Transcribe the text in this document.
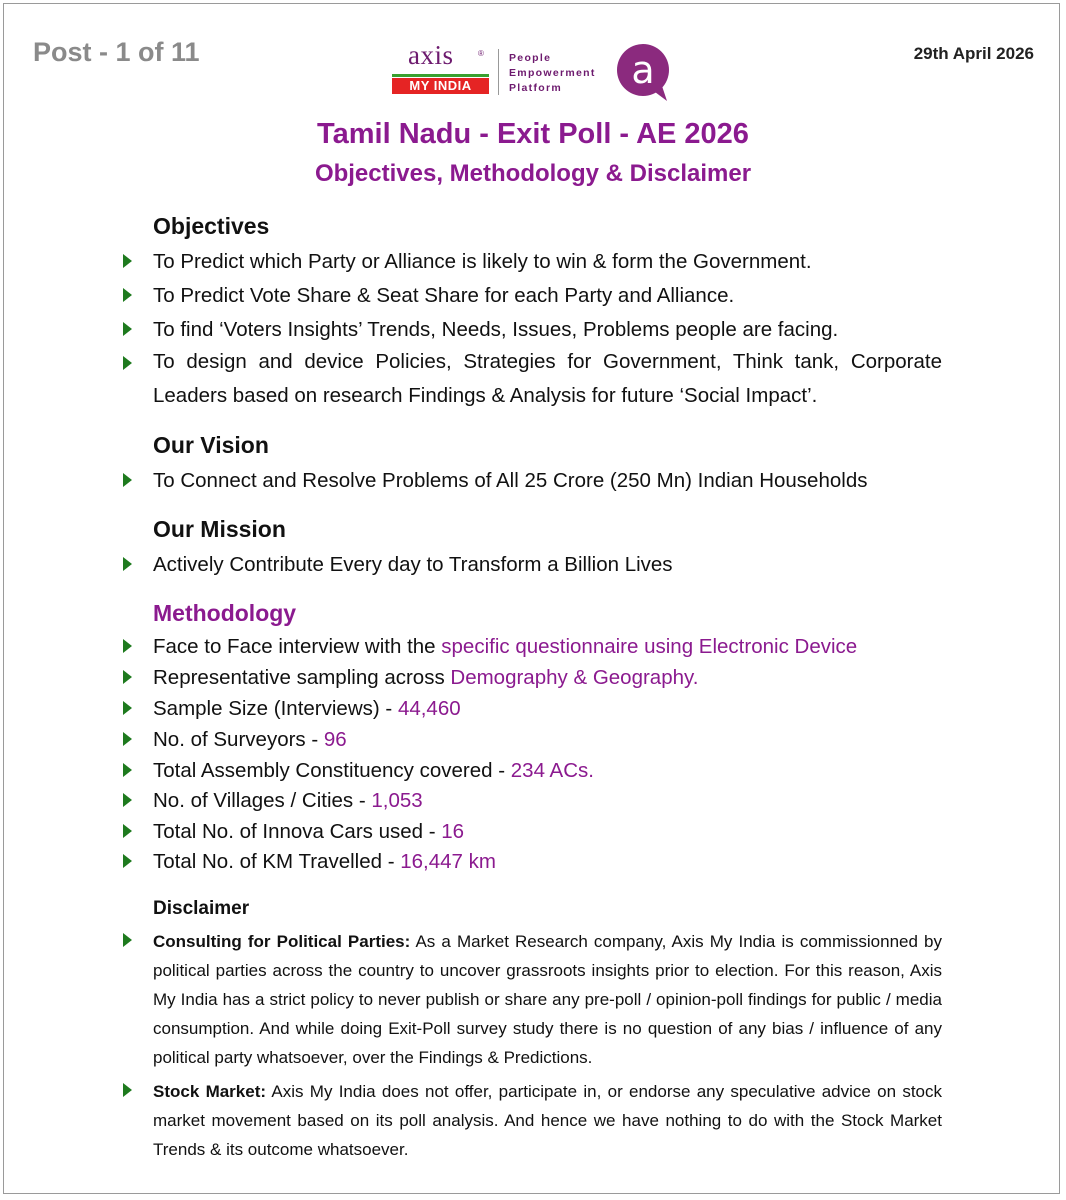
Post - 1 of 11	29th April 2026
axis	®
MY INDIA
People
Empowerment
Platform	a
Tamil Nadu - Exit Poll - AE 2026
Objectives, Methodology & Disclaimer
Objectives
To Predict which Party or Alliance is likely to win & form the Government.
To Predict Vote Share & Seat Share for each Party and Alliance.
To find ‘Voters Insights’ Trends, Needs, Issues, Problems people are facing.
To design and device Policies, Strategies for Government, Think tank, Corporate Leaders based on research Findings & Analysis for future ‘Social Impact’.
Our Vision
To Connect and Resolve Problems of All 25 Crore (250 Mn) Indian Households
Our Mission
Actively Contribute Every day to Transform a Billion Lives
Methodology
Face to Face interview with the specific questionnaire using Electronic Device
Representative sampling across Demography & Geography.
Sample Size (Interviews) - 44,460
No. of Surveyors - 96
Total Assembly Constituency covered - 234 ACs.
No. of Villages / Cities - 1,053
Total No. of Innova Cars used - 16
Total No. of KM Travelled - 16,447 km
Disclaimer
Consulting for Political Parties: As a Market Research company, Axis My India is commissionned by political parties across the country to uncover grassroots insights prior to election. For this reason, Axis My India has a strict policy to never publish or share any pre-poll / opinion-poll findings for public / media consumption. And while doing Exit-Poll survey study there is no question of any bias / influence of any political party whatsoever, over the Findings & Predictions.
Stock Market: Axis My India does not offer, participate in, or endorse any speculative advice on stock market movement based on its poll analysis. And hence we have nothing to do with the Stock Market Trends & its outcome whatsoever.
